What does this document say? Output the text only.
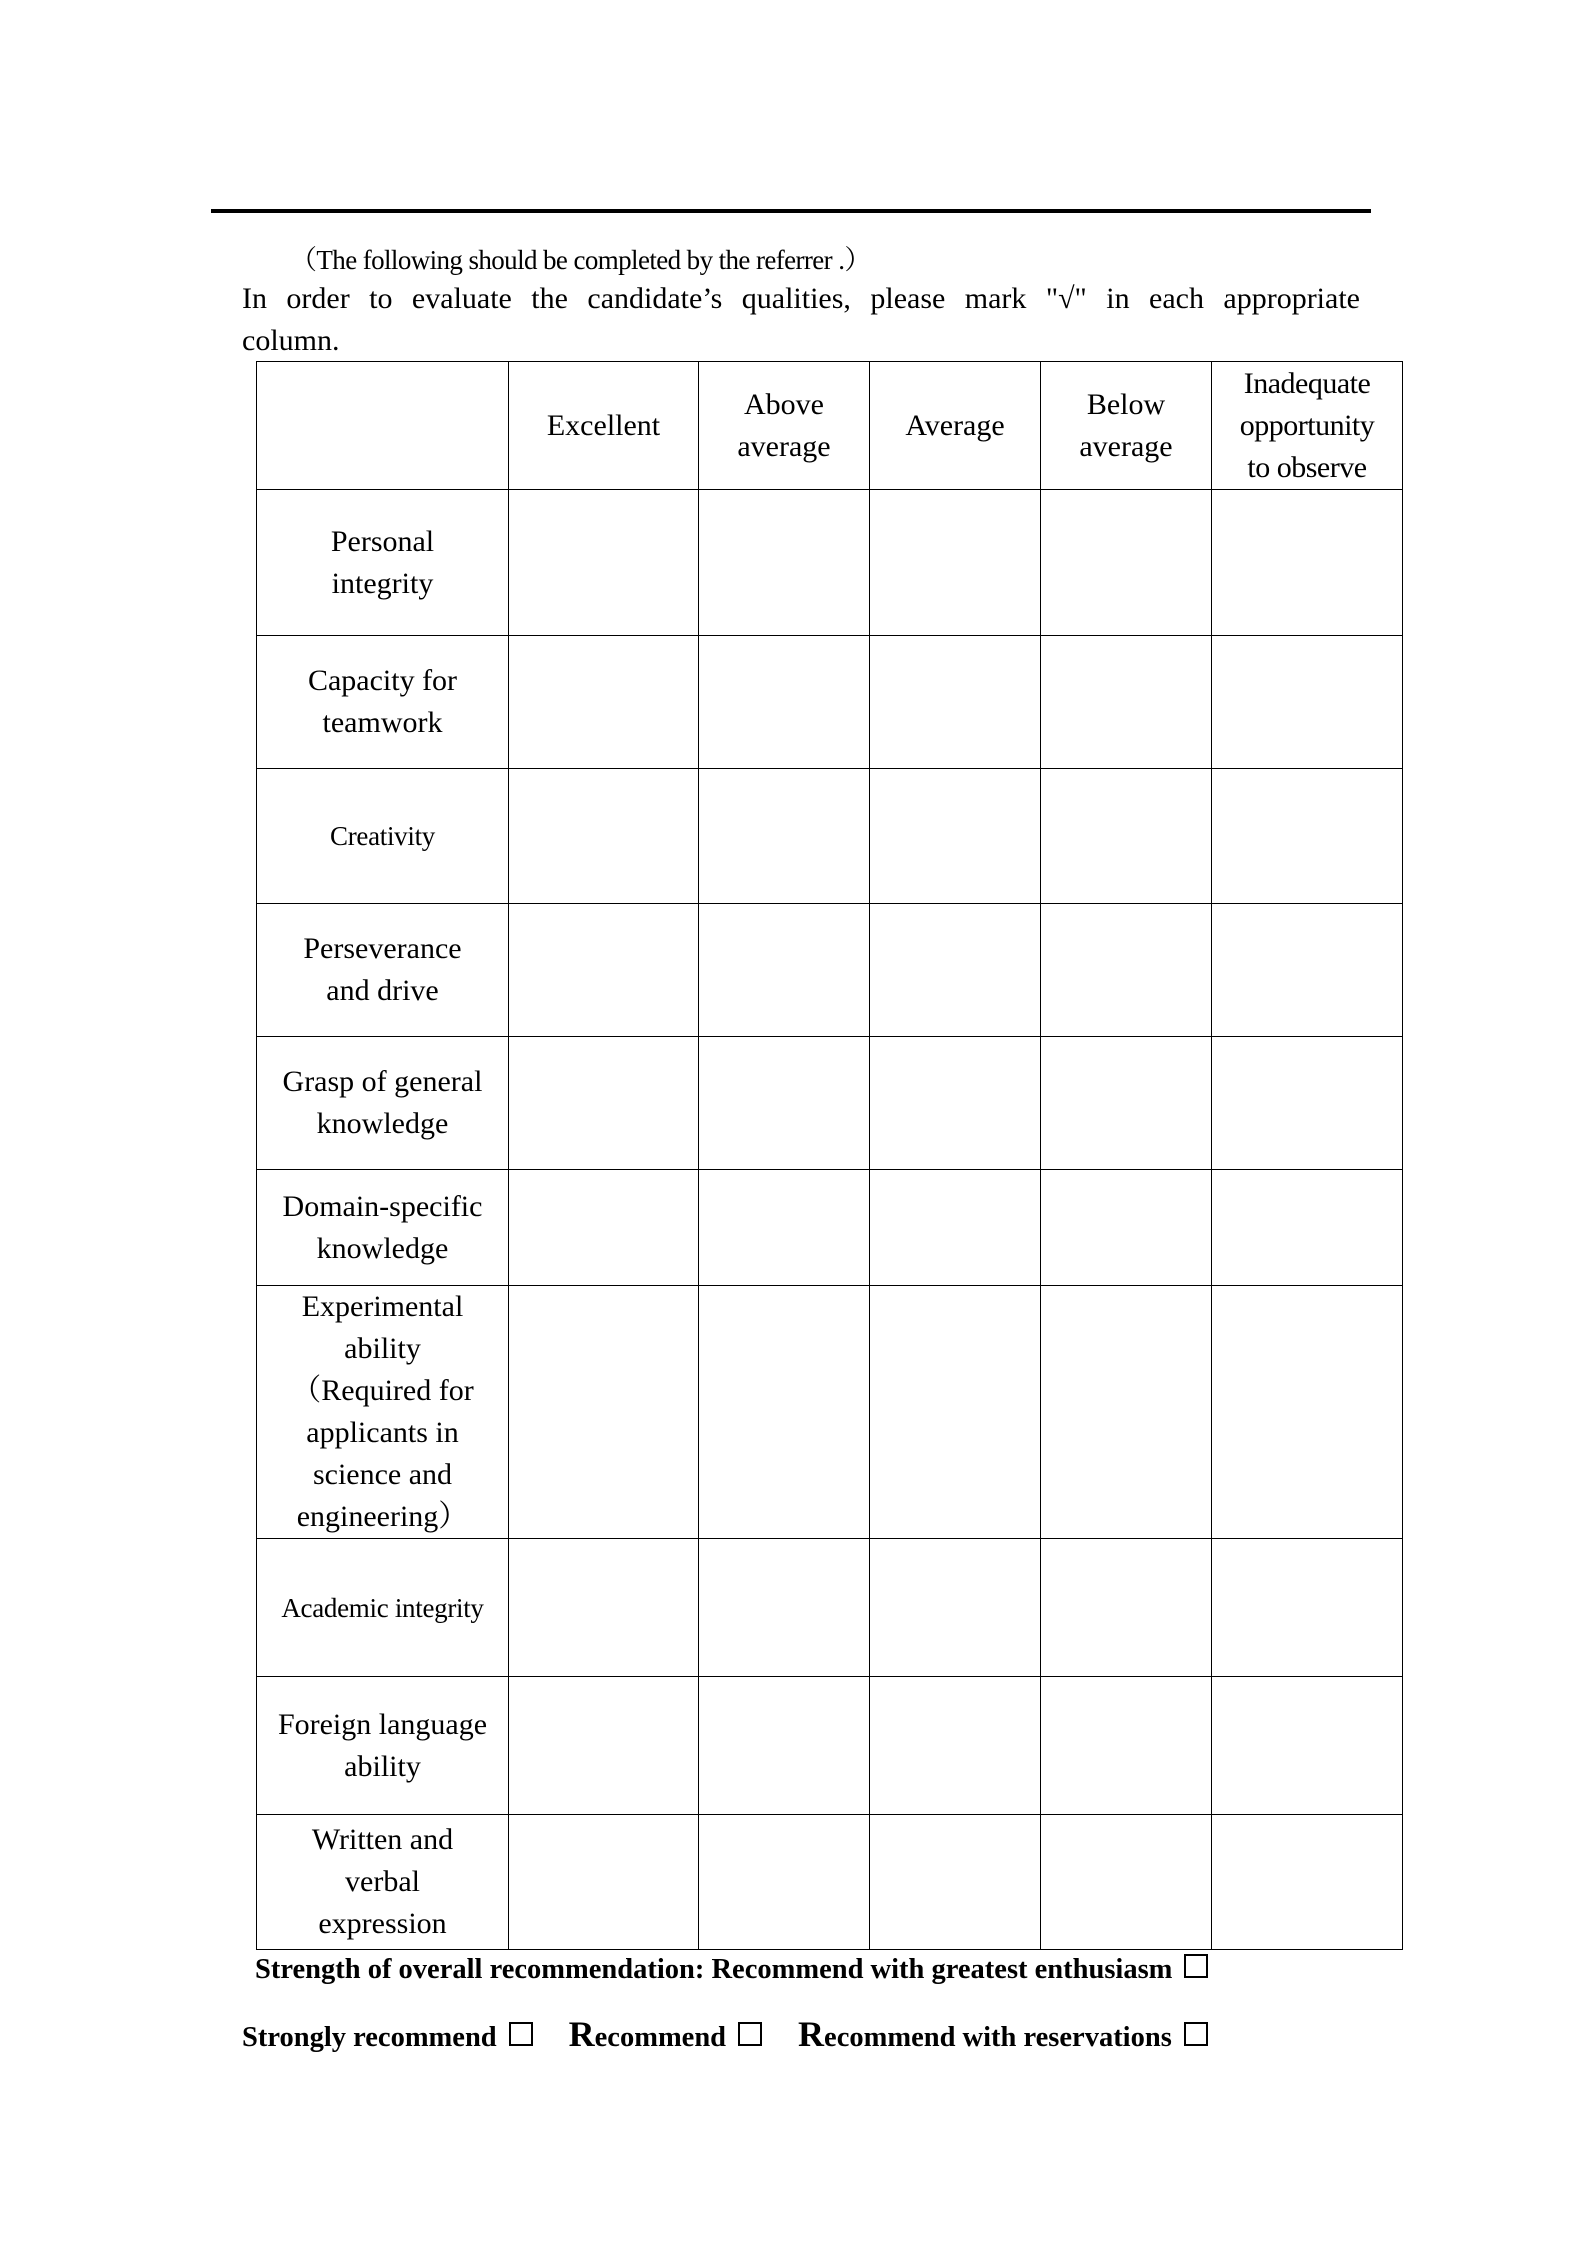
（The following should be completed by the referrer .）
In order to evaluate the candidate’s qualities, please mark "√" in each appropriate
column.
	Excellent	Above average	Average	Below average	Inadequate opportunity to observe
Personal integrity					
Capacity for teamwork					
Creativity					
Perseverance and drive					
Grasp of general knowledge					
Domain-specific knowledge					
Experimental ability（Required for applicants in science and engineering）					
Academic integrity					
Foreign language ability					
Written and verbal expression					
Strength of overall recommendation: Recommend with greatest enthusiasm
Strongly recommend Recommend Recommend with reservations
